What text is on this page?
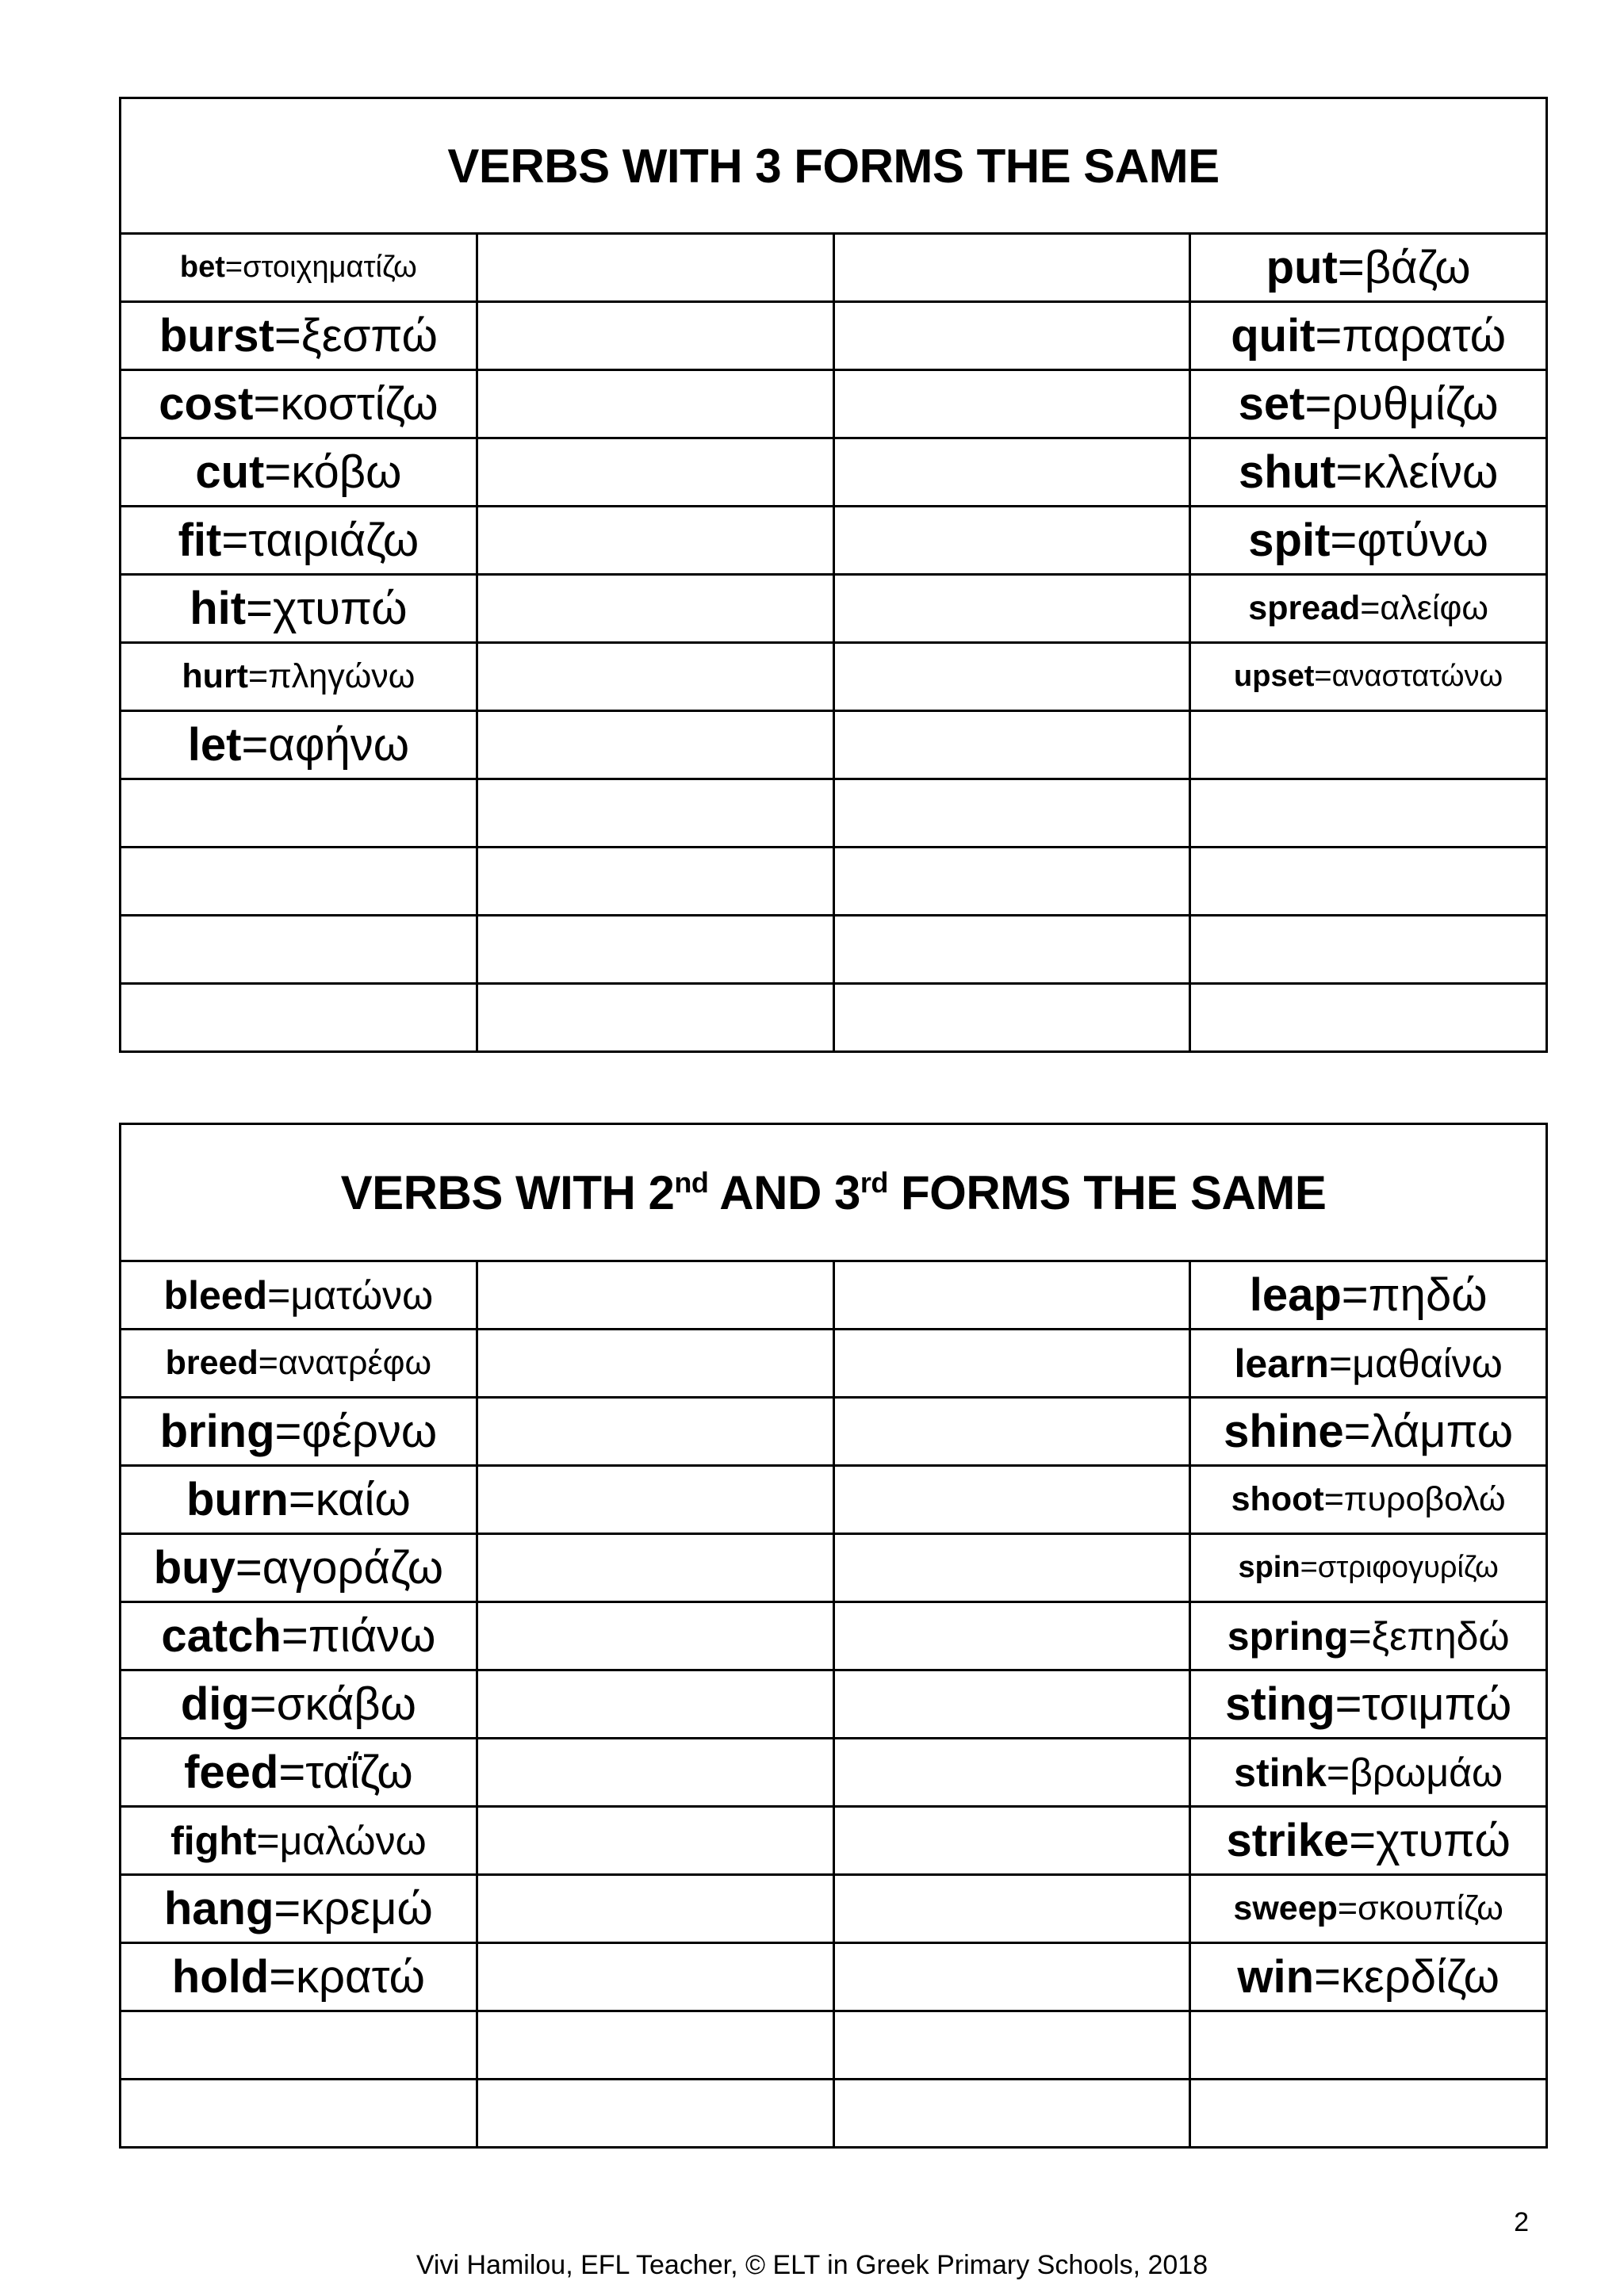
VERBS WITH 3 FORMS THE SAME			
bet=στοιχηματίζω			put=βάζω
burst=ξεσπώ			quit=παρατώ
cost=κοστίζω			set=ρυθμίζω
cut=κόβω			shut=κλείνω
fit=ταιριάζω			spit=φτύνω
hit=χτυπώ			spread=αλείφω
hurt=πληγώνω			upset=αναστατώνω
let=αφήνω			

VERBS WITH 2nd AND 3rd FORMS THE SAME			
bleed=ματώνω			leap=πηδώ
breed=ανατρέφω			learn=μαθαίνω
bring=φέρνω			shine=λάμπω
burn=καίω			shoot=πυροβολώ
buy=αγοράζω			spin=στριφογυρίζω
catch=πιάνω			spring=ξεπηδώ
dig=σκάβω			sting=τσιμπώ
feed=ταΐζω			stink=βρωμάω
fight=μαλώνω			strike=χτυπώ
hang=κρεμώ			sweep=σκουπίζω
hold=κρατώ			win=κερδίζω

2
Vivi Hamilou, EFL Teacher, © ELT in Greek Primary Schools, 2018
